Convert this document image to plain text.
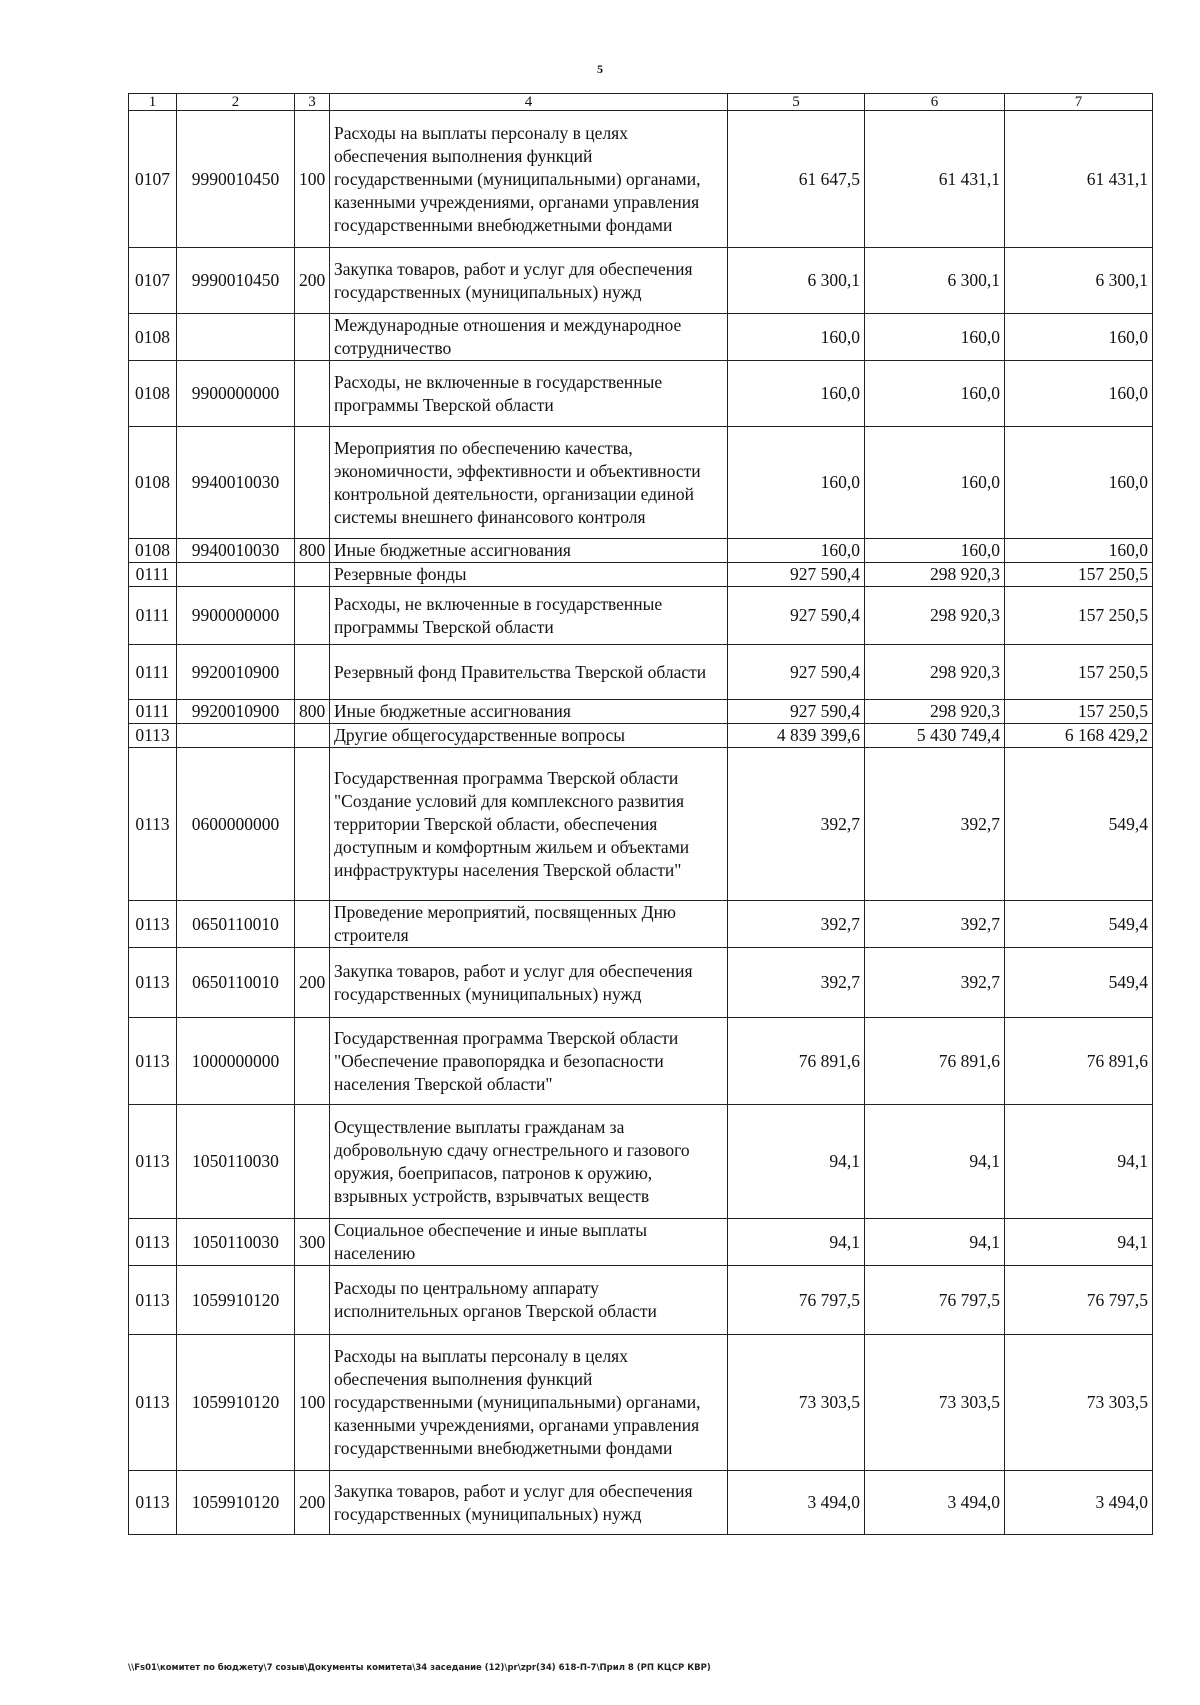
5
1	2	3	4	5	6	7
0107	9990010450	100	Расходы на выплаты персоналу в целях обеспечения выполнения функций государственными (муниципальными) органами, казенными учреждениями, органами управления государственными внебюджетными фондами	61 647,5	61 431,1	61 431,1
0107	9990010450	200	Закупка товаров, работ и услуг для обеспечения государственных (муниципальных) нужд	6 300,1	6 300,1	6 300,1
0108			Международные отношения и международное сотрудничество	160,0	160,0	160,0
0108	9900000000		Расходы, не включенные в государственные программы Тверской области	160,0	160,0	160,0
0108	9940010030		Мероприятия по обеспечению качества, экономичности, эффективности и объективности контрольной деятельности, организации единой системы внешнего финансового контроля	160,0	160,0	160,0
0108	9940010030	800	Иные бюджетные ассигнования	160,0	160,0	160,0
0111			Резервные фонды	927 590,4	298 920,3	157 250,5
0111	9900000000		Расходы, не включенные в государственные программы Тверской области	927 590,4	298 920,3	157 250,5
0111	9920010900		Резервный фонд Правительства Тверской области	927 590,4	298 920,3	157 250,5
0111	9920010900	800	Иные бюджетные ассигнования	927 590,4	298 920,3	157 250,5
0113			Другие общегосударственные вопросы	4 839 399,6	5 430 749,4	6 168 429,2
0113	0600000000		Государственная программа Тверской области "Создание условий для комплексного развития территории Тверской области, обеспечения доступным и комфортным жильем и объектами инфраструктуры населения Тверской области"	392,7	392,7	549,4
0113	0650110010		Проведение мероприятий, посвященных Дню строителя	392,7	392,7	549,4
0113	0650110010	200	Закупка товаров, работ и услуг для обеспечения государственных (муниципальных) нужд	392,7	392,7	549,4
0113	1000000000		Государственная программа Тверской области "Обеспечение правопорядка и безопасности населения Тверской области"	76 891,6	76 891,6	76 891,6
0113	1050110030		Осуществление выплаты гражданам за добровольную сдачу огнестрельного и газового оружия, боеприпасов, патронов к оружию, взрывных устройств, взрывчатых веществ	94,1	94,1	94,1
0113	1050110030	300	Социальное обеспечение и иные выплаты населению	94,1	94,1	94,1
0113	1059910120		Расходы по центральному аппарату исполнительных органов Тверской области	76 797,5	76 797,5	76 797,5
0113	1059910120	100	Расходы на выплаты персоналу в целях обеспечения выполнения функций государственными (муниципальными) органами, казенными учреждениями, органами управления государственными внебюджетными фондами	73 303,5	73 303,5	73 303,5
0113	1059910120	200	Закупка товаров, работ и услуг для обеспечения государственных (муниципальных) нужд	3 494,0	3 494,0	3 494,0
\\Fs01\комитет по бюджету\7 созыв\Документы комитета\34 заседание (12)\pr\zpr(34) 618-П-7\Прил 8 (РП КЦСР КВР)
